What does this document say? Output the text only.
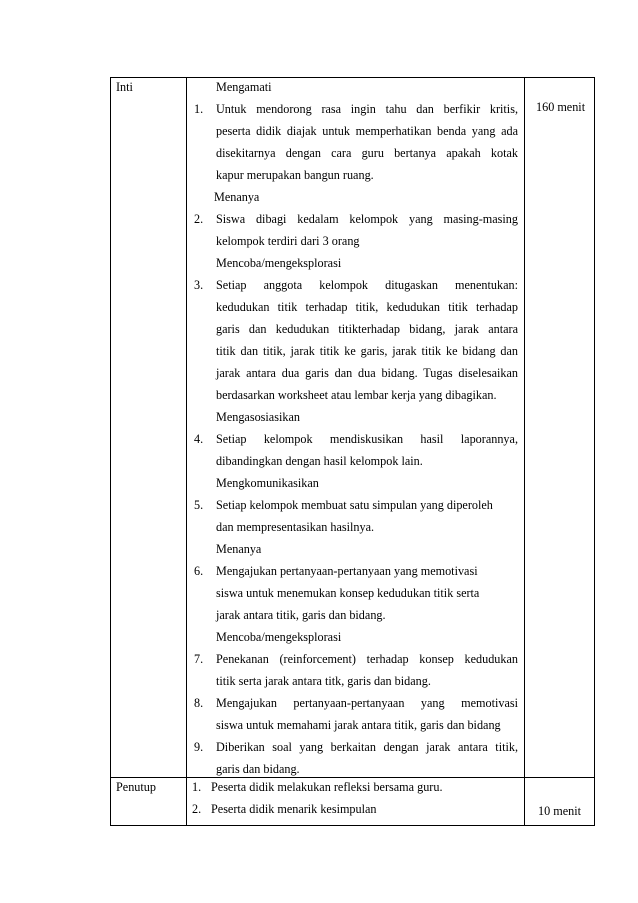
Inti
160 menit
Mengamati
1. Untuk mendorong rasa ingin tahu dan berfikir kritis,
peserta didik diajak untuk memperhatikan benda yang ada
disekitarnya dengan cara guru bertanya apakah kotak
kapur merupakan bangun ruang.
Menanya
2. Siswa dibagi kedalam kelompok yang masing-masing
kelompok terdiri dari 3 orang
Mencoba/mengeksplorasi
3. Setiap anggota kelompok ditugaskan menentukan:
kedudukan titik terhadap titik, kedudukan titik terhadap
garis dan kedudukan titikterhadap bidang, jarak antara
titik dan titik, jarak titik ke garis, jarak titik ke bidang dan
jarak antara dua garis dan dua bidang. Tugas diselesaikan
berdasarkan worksheet atau lembar kerja yang dibagikan.
Mengasosiasikan
4. Setiap kelompok mendiskusikan hasil laporannya,
dibandingkan dengan hasil kelompok lain.
Mengkomunikasikan
5. Setiap kelompok membuat satu simpulan yang diperoleh
dan mempresentasikan hasilnya.
Menanya
6. Mengajukan pertanyaan-pertanyaan yang memotivasi
siswa untuk menemukan konsep kedudukan titik serta
jarak antara titik, garis dan bidang.
Mencoba/mengeksplorasi
7. Penekanan (reinforcement) terhadap konsep kedudukan
titik serta jarak antara titk, garis dan bidang.
8. Mengajukan pertanyaan-pertanyaan yang memotivasi
siswa untuk memahami jarak antara titik, garis dan bidang
9. Diberikan soal yang berkaitan dengan jarak antara titik,
garis dan bidang.
Penutup	1. Peserta didik melakukan refleksi bersama guru.
2. Peserta didik menarik kesimpulan	10 menit
